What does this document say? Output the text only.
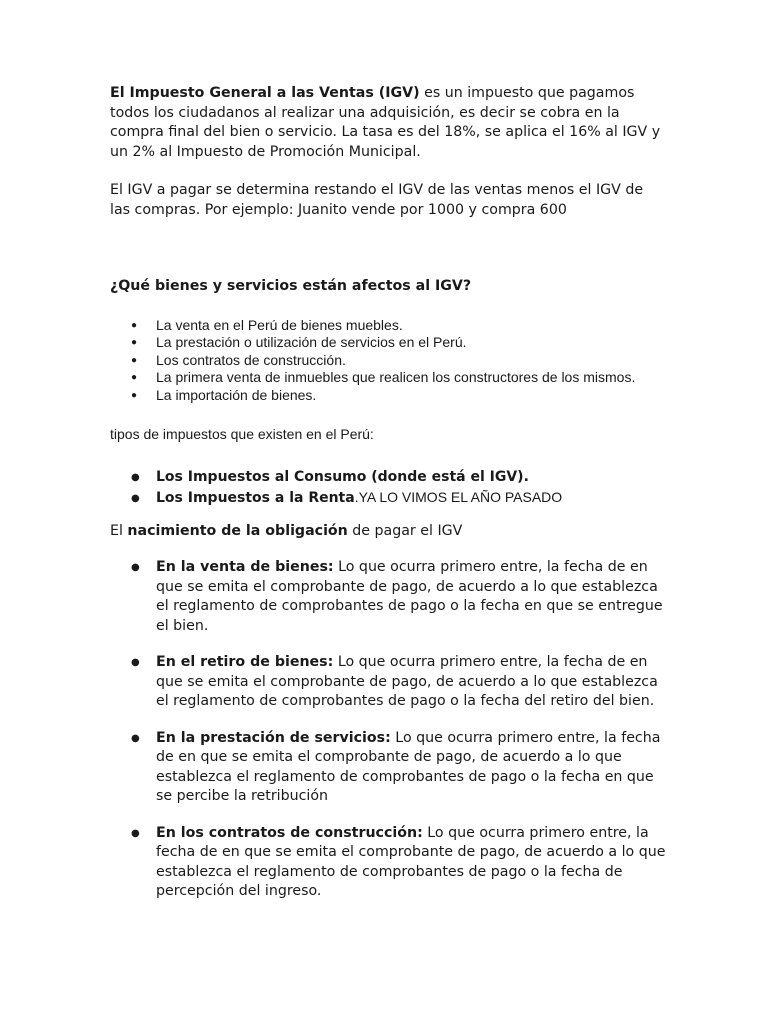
El Impuesto General a las Ventas (IGV) es un impuesto que pagamos todos los ciudadanos al realizar una adquisición, es decir se cobra en la compra final del bien o servicio. La tasa es del 18%, se aplica el 16% al IGV y un 2% al Impuesto de Promoción Municipal.

El IGV a pagar se determina restando el IGV de las ventas menos el IGV de las compras. Por ejemplo: Juanito vende por 1000 y compra 600

¿Qué bienes y servicios están afectos al IGV?

● La venta en el Perú de bienes muebles.
● La prestación o utilización de servicios en el Perú.
● Los contratos de construcción.
● La primera venta de inmuebles que realicen los constructores de los mismos.
● La importación de bienes.

tipos de impuestos que existen en el Perú:

● Los Impuestos al Consumo (donde está el IGV).
● Los Impuestos a la Renta.YA LO VIMOS EL AÑO PASADO

El nacimiento de la obligación de pagar el IGV

● En la venta de bienes: Lo que ocurra primero entre, la fecha de en que se emita el comprobante de pago, de acuerdo a lo que establezca el reglamento de comprobantes de pago o la fecha en que se entregue el bien.
● En el retiro de bienes: Lo que ocurra primero entre, la fecha de en que se emita el comprobante de pago, de acuerdo a lo que establezca el reglamento de comprobantes de pago o la fecha del retiro del bien.
● En la prestación de servicios: Lo que ocurra primero entre, la fecha de en que se emita el comprobante de pago, de acuerdo a lo que establezca el reglamento de comprobantes de pago o la fecha en que se percibe la retribución
● En los contratos de construcción: Lo que ocurra primero entre, la fecha de en que se emita el comprobante de pago, de acuerdo a lo que establezca el reglamento de comprobantes de pago o la fecha de percepción del ingreso.
